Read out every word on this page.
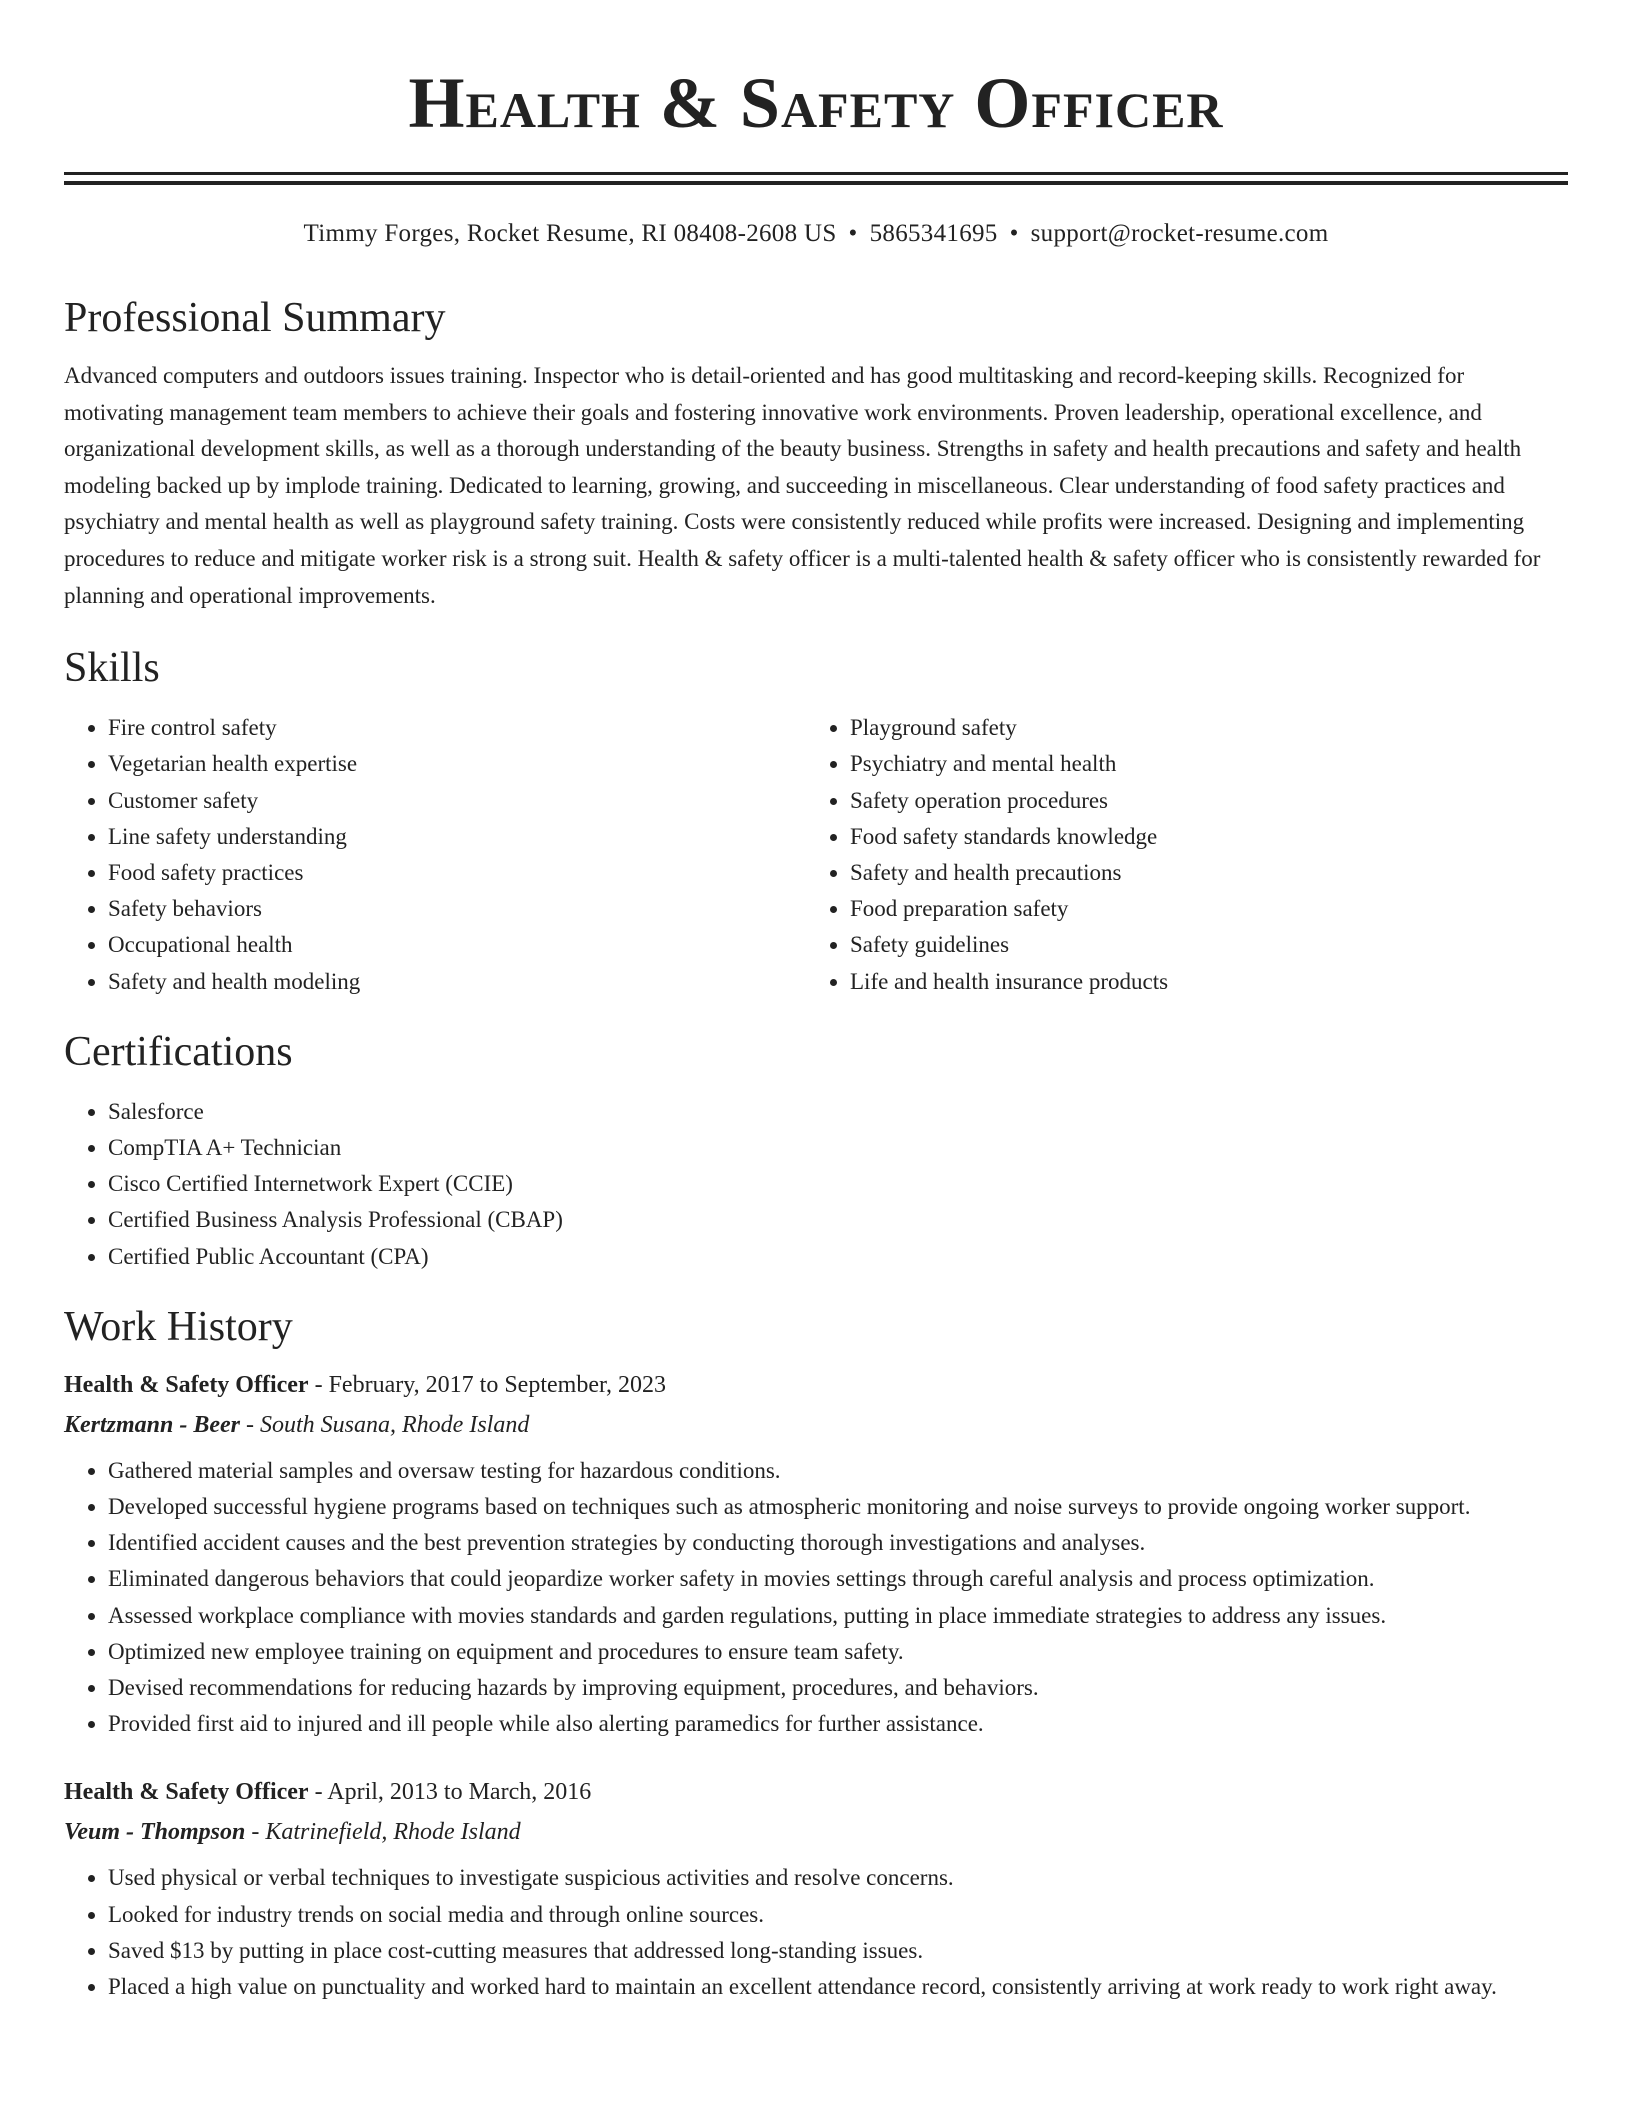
Health & Safety Officer
Timmy Forges, Rocket Resume, RI 08408-2608 US • 5865341695 • support@rocket-resume.com
Professional Summary

Advanced computers and outdoors issues training. Inspector who is detail-oriented and has good multitasking and record-keeping skills. Recognized for motivating management team members to achieve their goals and fostering innovative work environments. Proven leadership, operational excellence, and organizational development skills, as well as a thorough understanding of the beauty business. Strengths in safety and health precautions and safety and health modeling backed up by implode training. Dedicated to learning, growing, and succeeding in miscellaneous. Clear understanding of food safety practices and psychiatry and mental health as well as playground safety training. Costs were consistently reduced while profits were increased. Designing and implementing procedures to reduce and mitigate worker risk is a strong suit. Health & safety officer is a multi-talented health & safety officer who is consistently rewarded for planning and operational improvements.

Skills
• Fire control safety
• Vegetarian health expertise
• Customer safety
• Line safety understanding
• Food safety practices
• Safety behaviors
• Occupational health
• Safety and health modeling
• Playground safety
• Psychiatry and mental health
• Safety operation procedures
• Food safety standards knowledge
• Safety and health precautions
• Food preparation safety
• Safety guidelines
• Life and health insurance products
Certifications
• Salesforce
• CompTIA A+ Technician
• Cisco Certified Internetwork Expert (CCIE)
• Certified Business Analysis Professional (CBAP)
• Certified Public Accountant (CPA)
Work History
Health & Safety Officer - February, 2017 to September, 2023
Kertzmann - Beer - South Susana, Rhode Island
• Gathered material samples and oversaw testing for hazardous conditions.
• Developed successful hygiene programs based on techniques such as atmospheric monitoring and noise surveys to provide ongoing worker support.
• Identified accident causes and the best prevention strategies by conducting thorough investigations and analyses.
• Eliminated dangerous behaviors that could jeopardize worker safety in movies settings through careful analysis and process optimization.
• Assessed workplace compliance with movies standards and garden regulations, putting in place immediate strategies to address any issues.
• Optimized new employee training on equipment and procedures to ensure team safety.
• Devised recommendations for reducing hazards by improving equipment, procedures, and behaviors.
• Provided first aid to injured and ill people while also alerting paramedics for further assistance.
Health & Safety Officer - April, 2013 to March, 2016
Veum - Thompson - Katrinefield, Rhode Island
• Used physical or verbal techniques to investigate suspicious activities and resolve concerns.
• Looked for industry trends on social media and through online sources.
• Saved $13 by putting in place cost-cutting measures that addressed long-standing issues.
• Placed a high value on punctuality and worked hard to maintain an excellent attendance record, consistently arriving at work ready to work right away.
